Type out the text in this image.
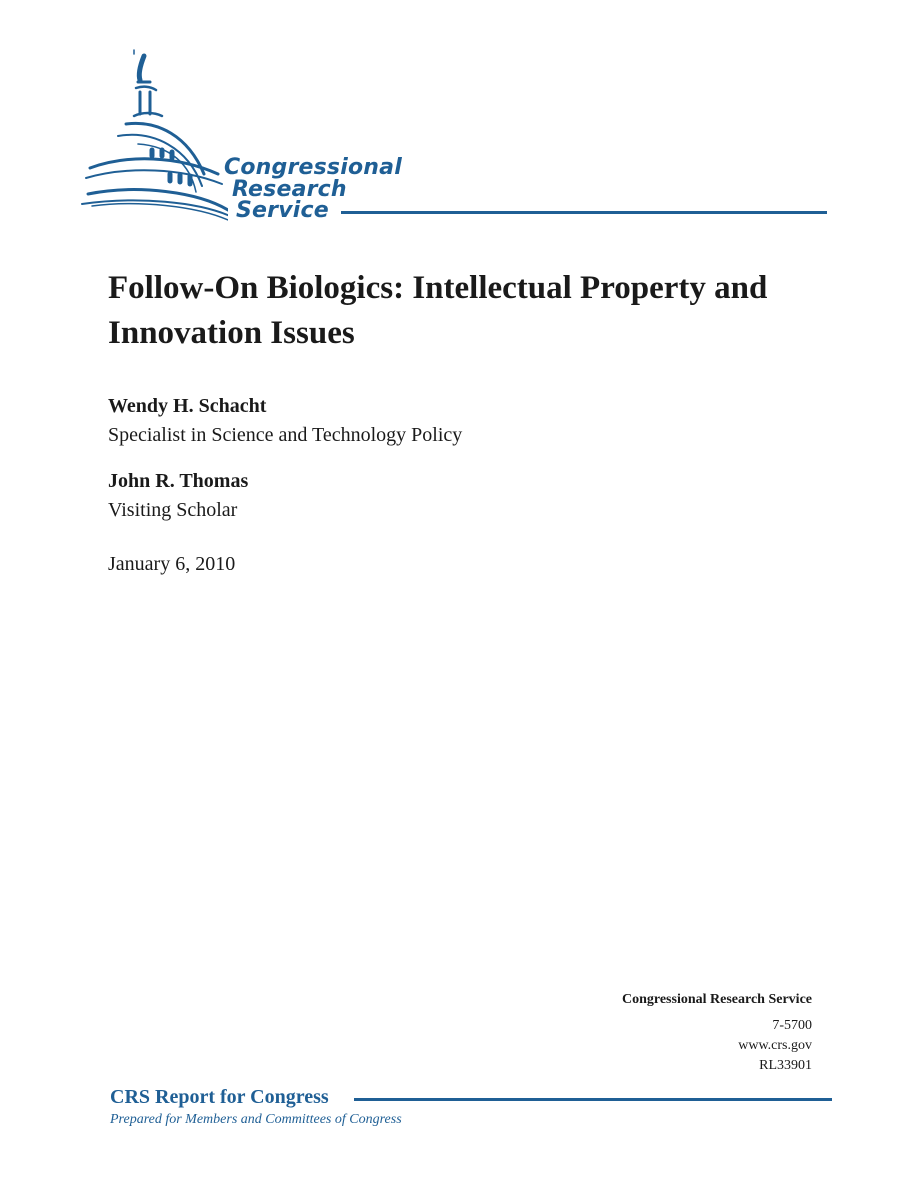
Congressional
Research
Service
Follow-On Biologics: Intellectual Property and Innovation Issues
Wendy H. Schacht
Specialist in Science and Technology Policy
John R. Thomas
Visiting Scholar
January 6, 2010
Congressional Research Service
7-5700
www.crs.gov
RL33901
CRS Report for Congress
Prepared for Members and Committees of Congress
